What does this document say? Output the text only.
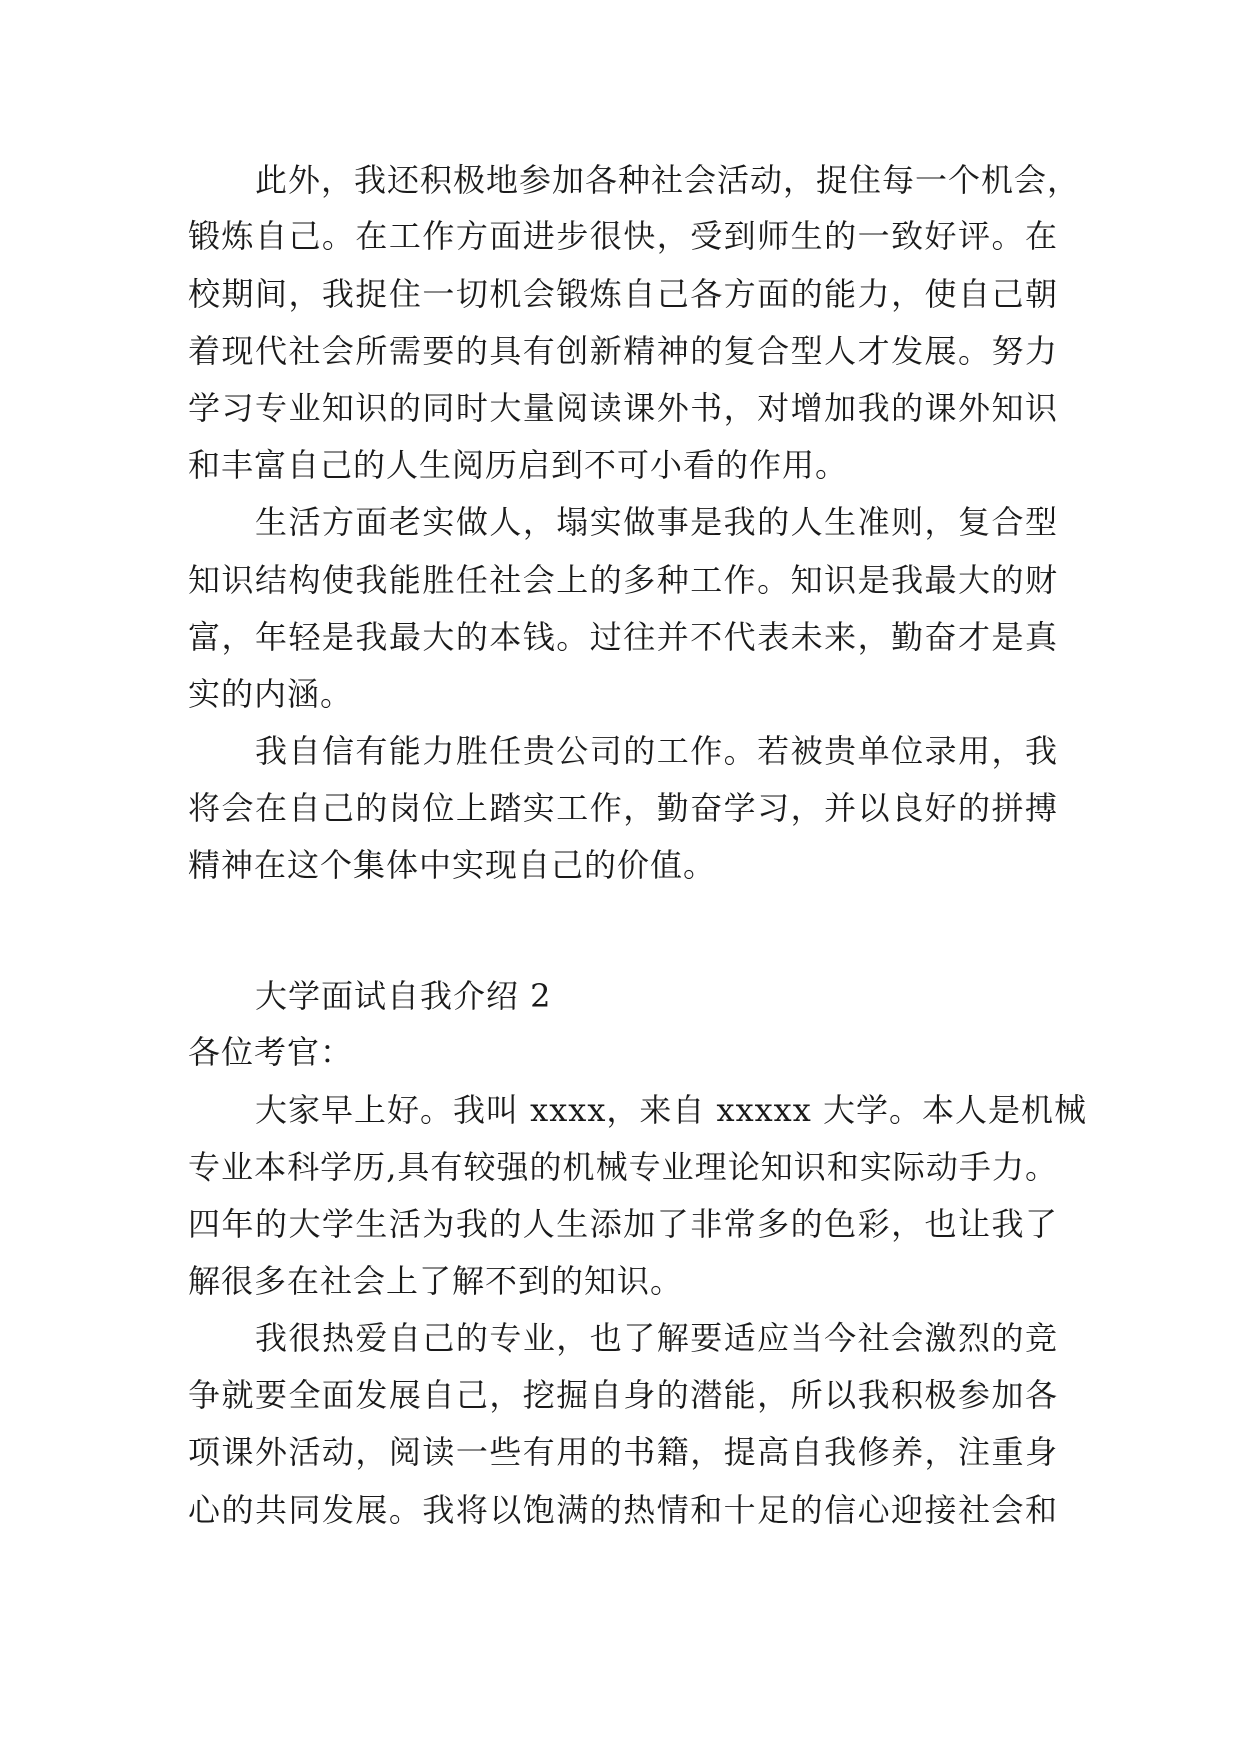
此外，我还积极地参加各种社会活动，捉住每一个机会，
锻炼自己。在工作方面进步很快，受到师生的一致好评。在
校期间，我捉住一切机会锻炼自己各方面的能力，使自己朝
着现代社会所需要的具有创新精神的复合型人才发展。努力
学习专业知识的同时大量阅读课外书，对增加我的课外知识
和丰富自己的人生阅历启到不可小看的作用。
生活方面老实做人，塌实做事是我的人生准则，复合型
知识结构使我能胜任社会上的多种工作。知识是我最大的财
富，年轻是我最大的本钱。过往并不代表未来，勤奋才是真
实的内涵。
我自信有能力胜任贵公司的工作。若被贵单位录用，我
将会在自己的岗位上踏实工作，勤奋学习，并以良好的拼搏
精神在这个集体中实现自己的价值。
大学面试自我介绍 2
各位考官：
大家早上好。我叫 xxxx，来自 xxxxx 大学。本人是机械
专业本科学历,具有较强的机械专业理论知识和实际动手力。
四年的大学生活为我的人生添加了非常多的色彩，也让我了
解很多在社会上了解不到的知识。
我很热爱自己的专业，也了解要适应当今社会激烈的竞
争就要全面发展自己，挖掘自身的潜能，所以我积极参加各
项课外活动，阅读一些有用的书籍，提高自我修养，注重身
心的共同发展。我将以饱满的热情和十足的信心迎接社会和
